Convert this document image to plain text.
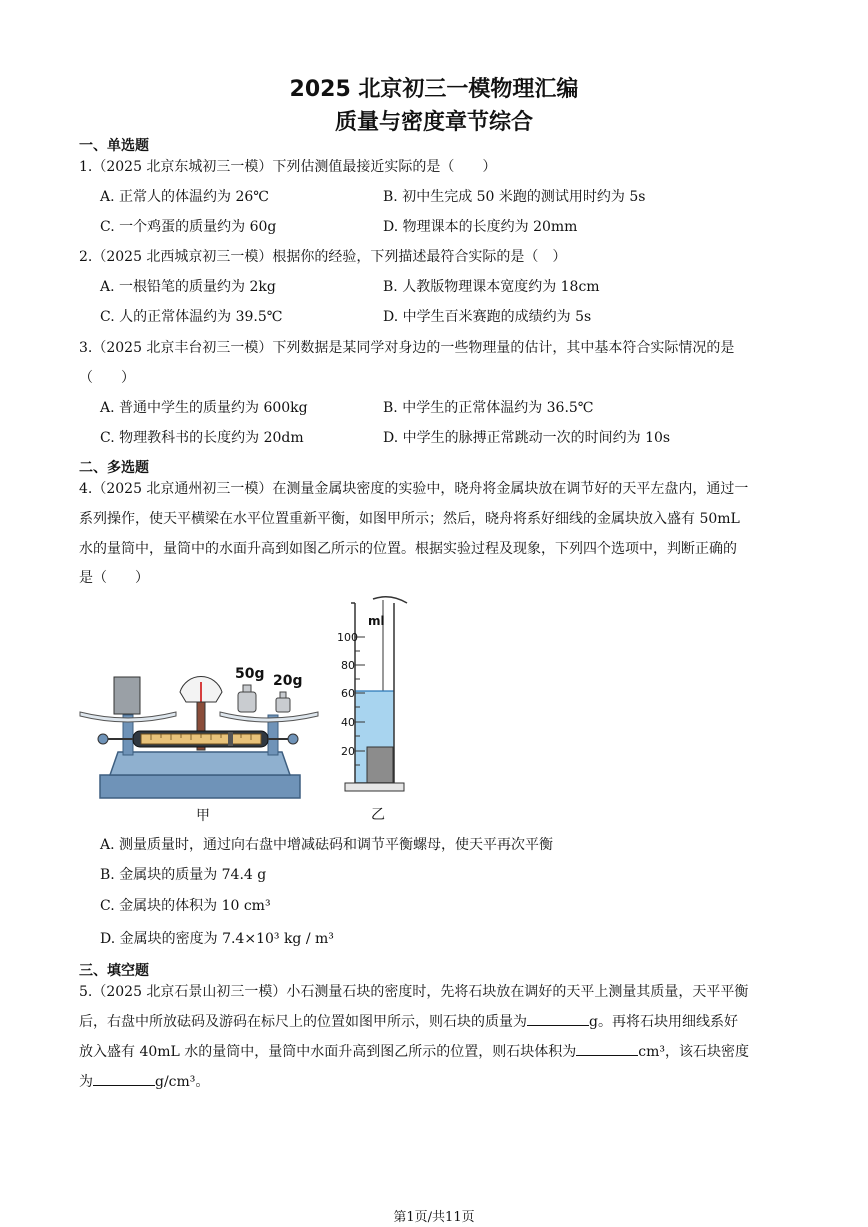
2025 北京初三一模物理汇编
质量与密度章节综合
一、单选题
1.（2025 北京东城初三一模）下列估测值最接近实际的是（　　）
A. 正常人的体温约为 26℃	B. 初中生完成 50 米跑的测试用时约为 5s
C. 一个鸡蛋的质量约为 60g	D. 物理课本的长度约为 20mm
2.（2025 北西城京初三一模）根据你的经验，下列描述最符合实际的是（　）
A. 一根铅笔的质量约为 2kg	B. 人教版物理课本宽度约为 18cm
C. 人的正常体温约为 39.5℃	D. 中学生百米赛跑的成绩约为 5s
3.（2025 北京丰台初三一模）下列数据是某同学对身边的一些物理量的估计，其中基本符合实际情况的是
（　　）
A. 普通中学生的质量约为 600kg	B. 中学生的正常体温约为 36.5℃
C. 物理教科书的长度约为 20dm	D. 中学生的脉搏正常跳动一次的时间约为 10s
二、多选题
4.（2025 北京通州初三一模）在测量金属块密度的实验中，晓舟将金属块放在调节好的天平左盘内，通过一
系列操作，使天平横梁在水平位置重新平衡，如图甲所示；然后，晓舟将系好细线的金属块放入盛有 50mL
水的量筒中，量筒中的水面升高到如图乙所示的位置。根据实验过程及现象，下列四个选项中，判断正确的
是（　　）
50g 20g
甲
ml
100
80
60
40
20
乙
A. 测量质量时，通过向右盘中增减砝码和调节平衡螺母，使天平再次平衡
B. 金属块的质量为 74.4 g
C. 金属块的体积为 10 cm³
D. 金属块的密度为 7.4×10³ kg / m³
三、填空题
5.（2025 北京石景山初三一模）小石测量石块的密度时，先将石块放在调好的天平上测量其质量，天平平衡
后，右盘中所放砝码及游码在标尺上的位置如图甲所示，则石块的质量为	g。再将石块用细线系好
放入盛有 40mL 水的量筒中，量筒中水面升高到图乙所示的位置，则石块体积为	cm³，该石块密度
为	g/cm³。
第1页/共11页
